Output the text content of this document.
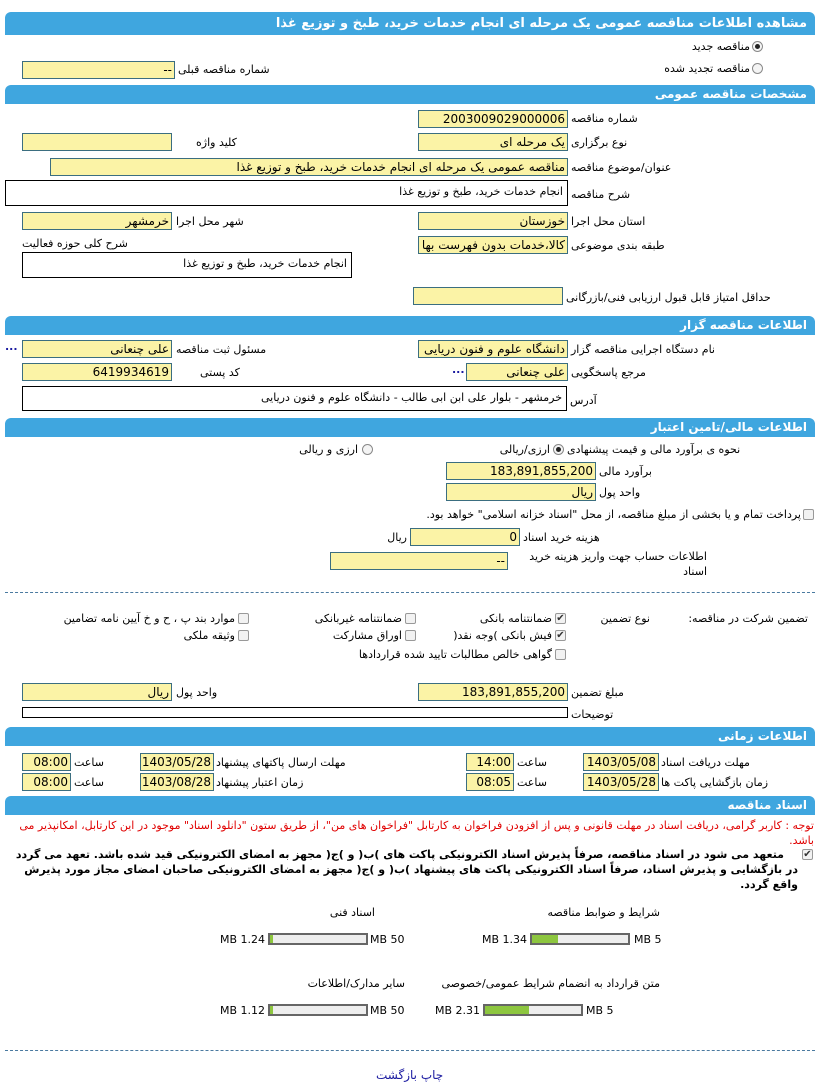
مشاهده اطلاعات مناقصه عمومی یک مرحله ای انجام خدمات خرید، طبخ و توزیع غذا
مناقصه جدید
مناقصه تجدید شده
شماره مناقصه قبلی
--
مشخصات مناقصه عمومی
شماره مناقصه
2003009029000006
نوع برگزاری
یک مرحله ای
کلید واژه
عنوان/موضوع مناقصه
مناقصه عمومی یک مرحله ای انجام خدمات خرید، طبخ و توزیع غذا
شرح مناقصه
انجام خدمات خرید، طبخ و توزیع غذا
استان محل اجرا
خوزستان
شهر محل اجرا
خرمشهر
طبقه بندی موضوعی
کالا،خدمات بدون فهرست بها
شرح کلی حوزه فعالیت
انجام خدمات خرید، طبخ و توزیع غذا
حداقل امتیاز قابل قبول ارزیابی فنی/بازرگانی
اطلاعات مناقصه گزار
نام دستگاه اجرایی مناقصه گزار
دانشگاه علوم و فنون دریایی
مسئول ثبت مناقصه
علی چنعانی
...
مرجع پاسخگویی
علی چنعانی
...
کد پستی
6419934619
آدرس
خرمشهر - بلوار علی ابن ابی طالب - دانشگاه علوم و فنون دریایی
اطلاعات مالی/تامین اعتبار
نحوه ی برآورد مالی و قیمت پیشنهادی
ارزی/ریالی
ارزی و ریالی
برآورد مالی
183,891,855,200
واحد پول
ریال
پرداخت تمام و یا بخشی از مبلغ مناقصه، از محل "اسناد خزانه اسلامی" خواهد بود.
هزینه خرید اسناد
0
ریال
اطلاعات حساب جهت واریز هزینه خرید اسناد
--
تضمین شرکت در مناقصه:
نوع تضمین
✔
ضمانتنامه بانکی
ضمانتنامه غیربانکی
موارد بند پ ، ح و خ آیین نامه تضامین
✔
فیش بانکی )وجه نقد(
اوراق مشارکت
وثیقه ملکی
گواهی خالص مطالبات تایید شده قراردادها
مبلغ تضمین
183,891,855,200
واحد پول
ریال
توضیحات
اطلاعات زمانی
مهلت دریافت اسناد
1403/05/08
ساعت
14:00
مهلت ارسال پاکتهای پیشنهاد
1403/05/28
ساعت
08:00
زمان بازگشایی پاکت ها
1403/05/28
ساعت
08:05
زمان اعتبار پیشنهاد
1403/08/28
ساعت
08:00
اسناد مناقصه
توجه : کاربر گرامی، دریافت اسناد در مهلت قانونی و پس از افزودن فراخوان به کارتابل "فراخوان های من"، از طریق ستون "دانلود اسناد" موجود در این کارتابل، امکانپذیر می باشد.
✔
متعهد می شود در اسناد مناقصه، صرفاً پذیرش اسناد الکترونیکی پاکت های )ب( و )ج( مجهز به امضای الکترونیکی قید شده باشد. تعهد می گردد در بازگشایی و پذیرش اسناد، صرفاً اسناد الکترونیکی پاکت های پیشنهاد )ب( و )ج( مجهز به امضای الکترونیکی صاحبان امضای مجاز مورد پذیرش واقع گردد.
شرایط و ضوابط مناقصه
5 MB
1.34 MB
اسناد فنی
50 MB
1.24 MB
متن قرارداد به انضمام شرایط عمومی/خصوصی
5 MB
2.31 MB
سایر مدارک/اطلاعات
50 MB
1.12 MB
چاپ بازگشت
